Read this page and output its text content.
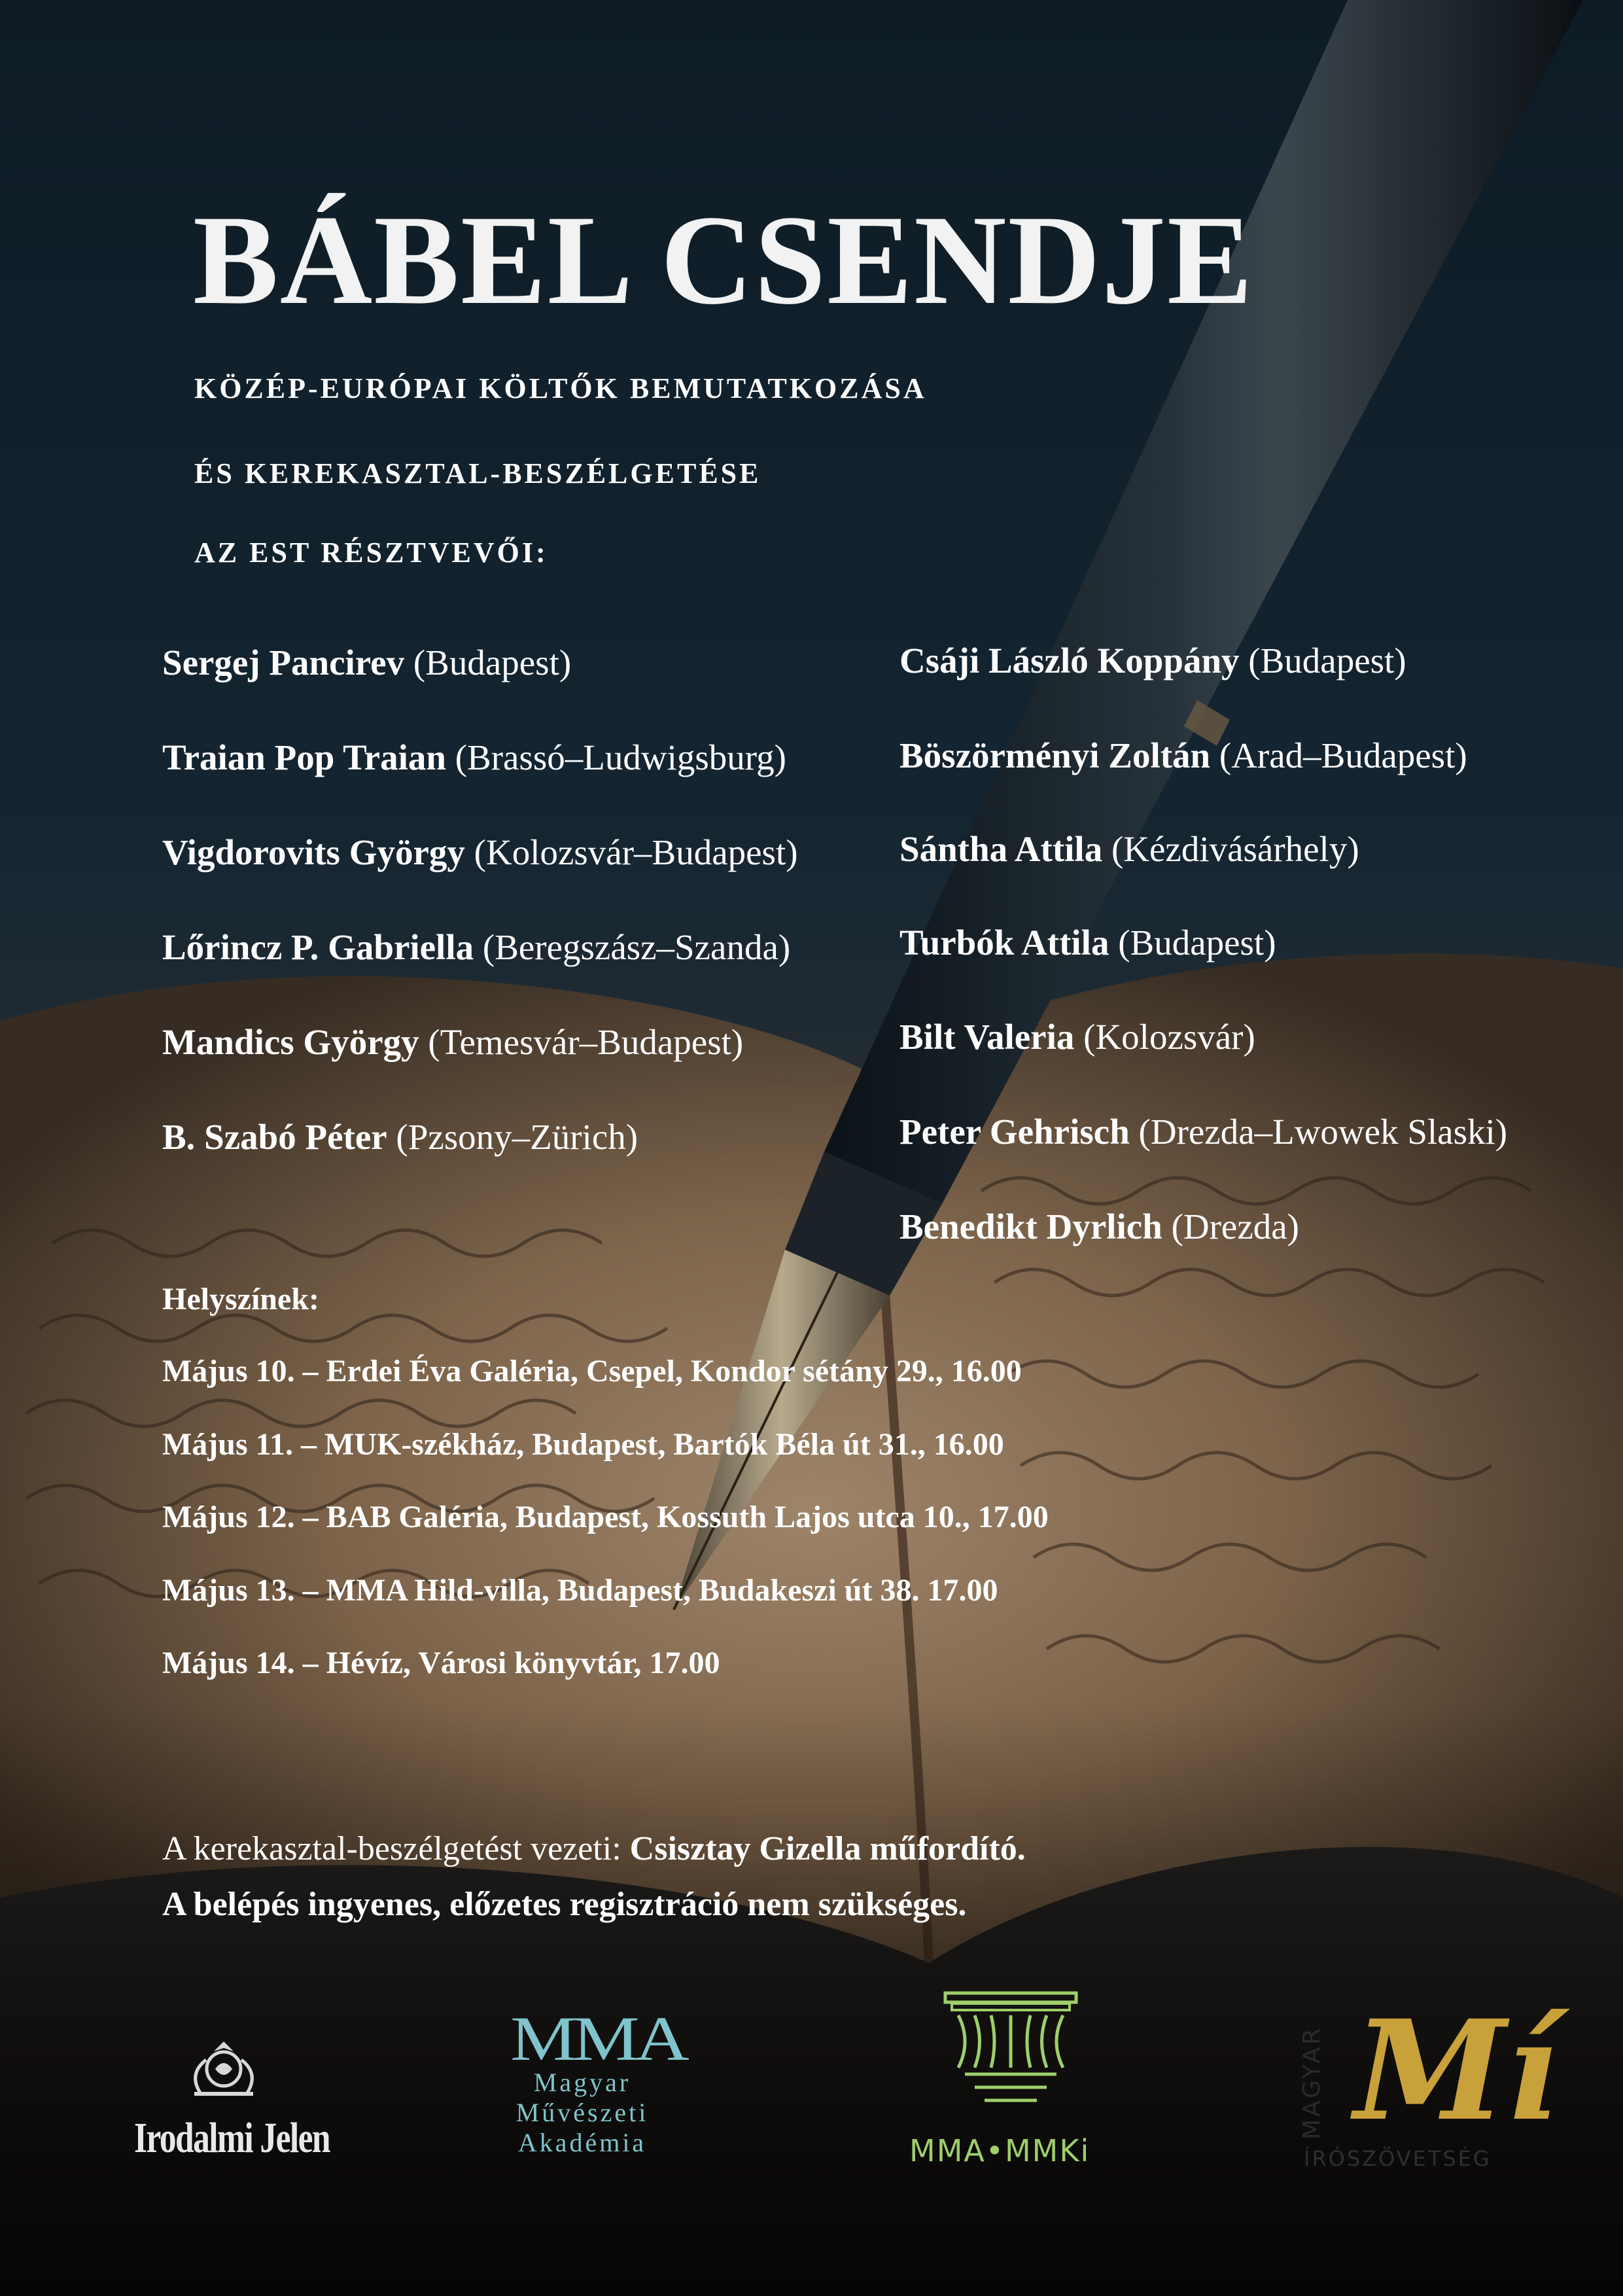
BÁBEL CSENDJE
KÖZÉP-EURÓPAI KÖLTŐK BEMUTATKOZÁSA
ÉS KEREKASZTAL-BESZÉLGETÉSE
AZ EST RÉSZTVEVŐI:
Sergej Pancirev (Budapest)
Traian Pop Traian (Brassó–Ludwigsburg)
Vigdorovits György (Kolozsvár–Budapest)
Lőrincz P. Gabriella (Beregszász–Szanda)
Mandics György (Temesvár–Budapest)
B. Szabó Péter (Pzsony–Zürich)
Csáji László Koppány (Budapest)
Böszörményi Zoltán (Arad–Budapest)
Sántha Attila (Kézdivásárhely)
Turbók Attila (Budapest)
Bilt Valeria (Kolozsvár)
Peter Gehrisch (Drezda–Lwowek Slaski)
Benedikt Dyrlich (Drezda)
Helyszínek:
Május 10. – Erdei Éva Galéria, Csepel, Kondor sétány 29., 16.00
Május 11. – MUK-székház, Budapest, Bartók Béla út 31., 16.00
Május 12. – BAB Galéria, Budapest, Kossuth Lajos utca 10., 17.00
Május 13. – MMA Hild-villa, Budapest, Budakeszi út 38. 17.00
Május 14. – Hévíz, Városi könyvtár, 17.00
A kerekasztal-beszélgetést vezeti: Csisztay Gizella műfordító.
A belépés ingyenes, előzetes regisztráció nem szükséges.
Irodalmi Jelen
MMA
Magyar
Művészeti
Akadémia	MMA•MMKi
MAGYAR Mí
ÍRÓSZÖVETSÉG
